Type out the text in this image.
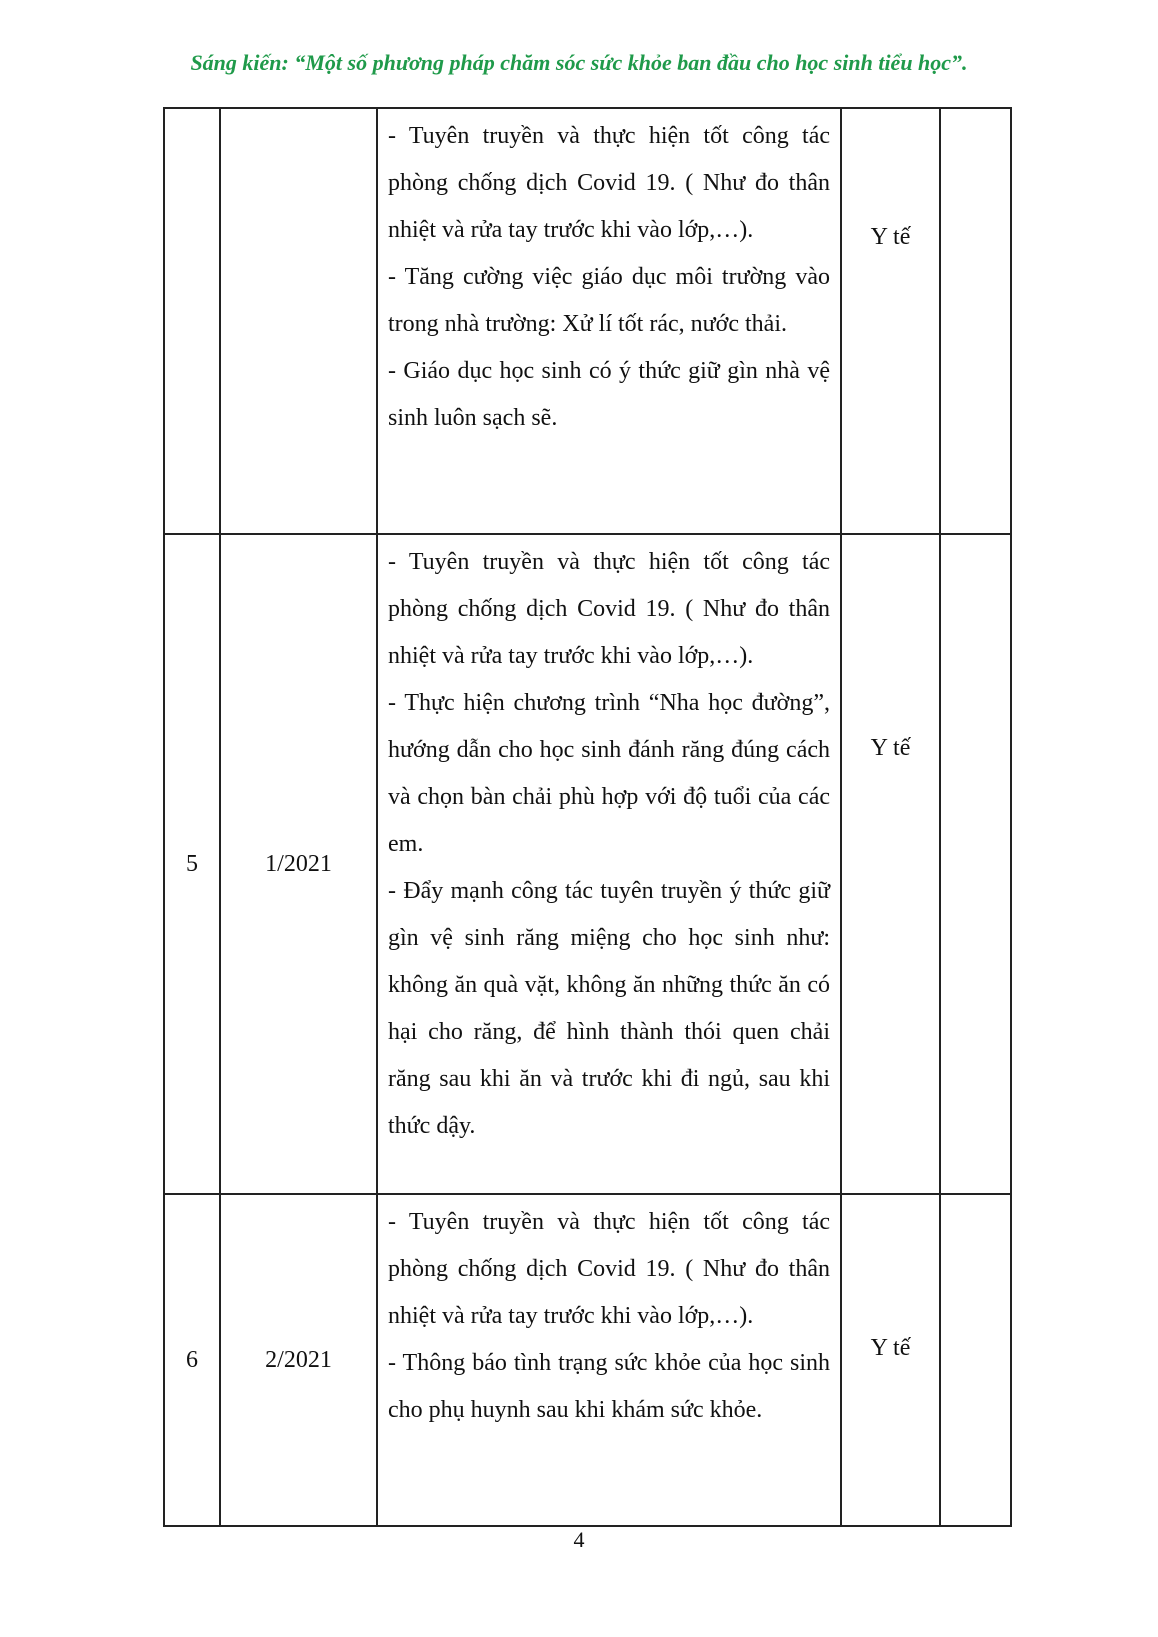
Sáng kiến: “Một số phương pháp chăm sóc sức khỏe ban đầu cho học sinh tiểu học”.

		- Tuyên truyền và thực hiện tốt công tác phòng chống dịch Covid 19. ( Như đo thân nhiệt và rửa tay trước khi vào lớp,…).

- Tăng cường việc giáo dục môi trường vào trong nhà trường: Xử lí tốt rác, nước thải.

- Giáo dục học sinh có ý thức giữ gìn nhà vệ sinh luôn sạch sẽ.	Y tế	

5	1/2021	- Tuyên truyền và thực hiện tốt công tác phòng chống dịch Covid 19. ( Như đo thân nhiệt và rửa tay trước khi vào lớp,…).

- Thực hiện chương trình “Nha học đường”, hướng dẫn cho học sinh đánh răng đúng cách và chọn bàn chải phù hợp với độ tuổi của các em.

- Đẩy mạnh công tác tuyên truyền ý thức giữ gìn vệ sinh răng miệng cho học sinh như: không ăn quà vặt, không ăn những thức ăn có hại cho răng, để hình thành thói quen chải răng sau khi ăn và trước khi đi ngủ, sau khi thức dậy.	Y tế	

6	2/2021	- Tuyên truyền và thực hiện tốt công tác phòng chống dịch Covid 19. ( Như đo thân nhiệt và rửa tay trước khi vào lớp,…).

- Thông báo tình trạng sức khỏe của học sinh cho phụ huynh sau khi khám sức khỏe.	Y tế	

4
